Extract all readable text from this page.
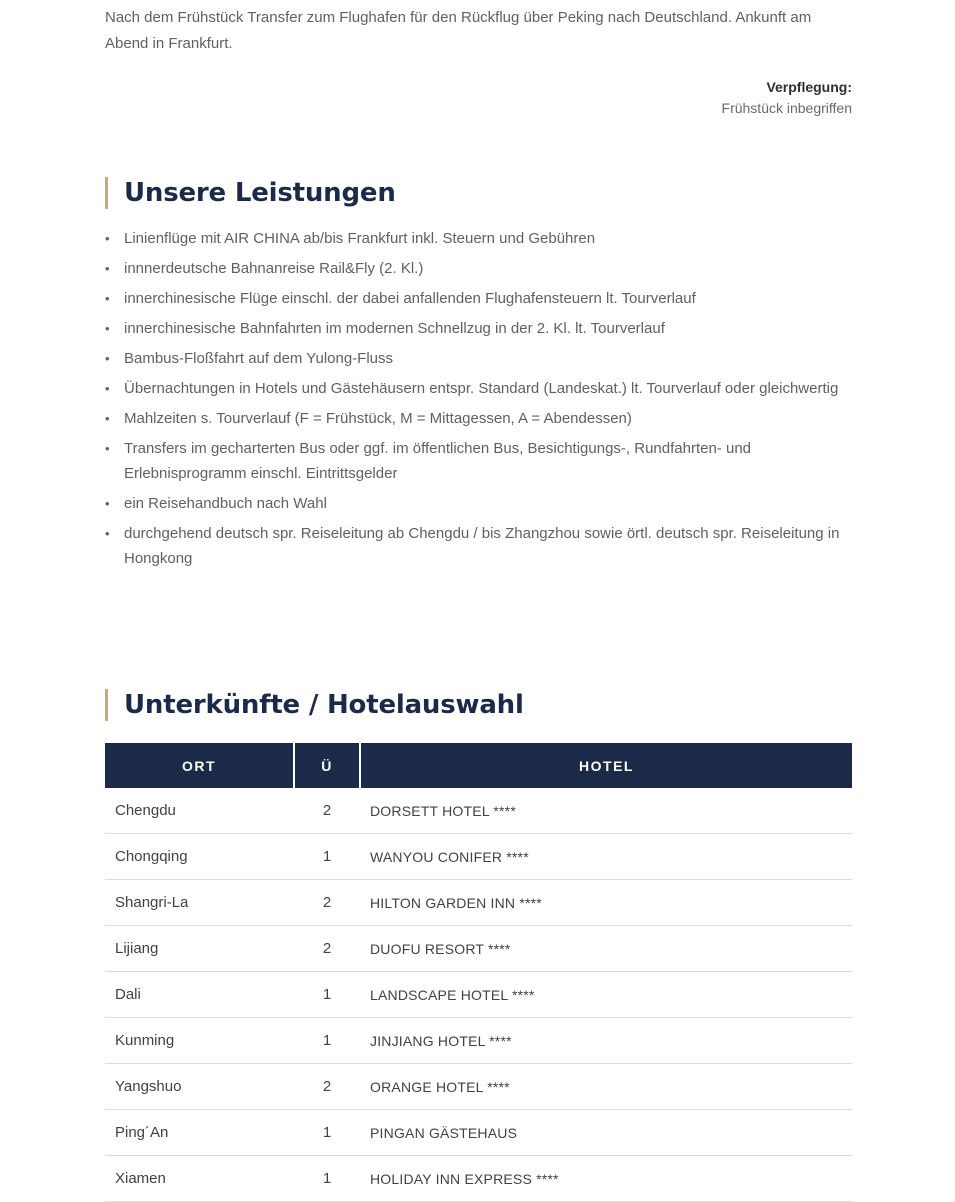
Nach dem Frühstück Transfer zum Flughafen für den Rückflug über Peking nach Deutschland. Ankunft am Abend in Frankfurt.

Verpflegung:
Frühstück inbegriffen
Unsere Leistungen
• Linienflüge mit AIR CHINA ab/bis Frankfurt inkl. Steuern und Gebühren
• innnerdeutsche Bahnanreise Rail&Fly (2. Kl.)
• innerchinesische Flüge einschl. der dabei anfallenden Flughafensteuern lt. Tourverlauf
• innerchinesische Bahnfahrten im modernen Schnellzug in der 2. Kl. lt. Tourverlauf
• Bambus-Floßfahrt auf dem Yulong-Fluss
• Übernachtungen in Hotels und Gästehäusern entspr. Standard (Landeskat.) lt. Tourverlauf oder gleichwertig
• Mahlzeiten s. Tourverlauf (F = Frühstück, M = Mittagessen, A = Abendessen)
• Transfers im gecharterten Bus oder ggf. im öffentlichen Bus, Besichtigungs-, Rundfahrten- und Erlebnisprogramm einschl. Eintrittsgelder
• ein Reisehandbuch nach Wahl
• durchgehend deutsch spr. Reiseleitung ab Chengdu / bis Zhangzhou sowie örtl. deutsch spr. Reiseleitung in Hongkong
Unterkünfte / Hotelauswahl
ORT	Ü	HOTEL
Chengdu	2	DORSETT HOTEL ****
Chongqing	1	WANYOU CONIFER ****
Shangri-La	2	HILTON GARDEN INN ****
Lijiang	2	DUOFU RESORT ****
Dali	1	LANDSCAPE HOTEL ****
Kunming	1	JINJIANG HOTEL ****
Yangshuo	2	ORANGE HOTEL ****
Ping´An	1	PINGAN GÄSTEHAUS
Xiamen	1	HOLIDAY INN EXPRESS ****
